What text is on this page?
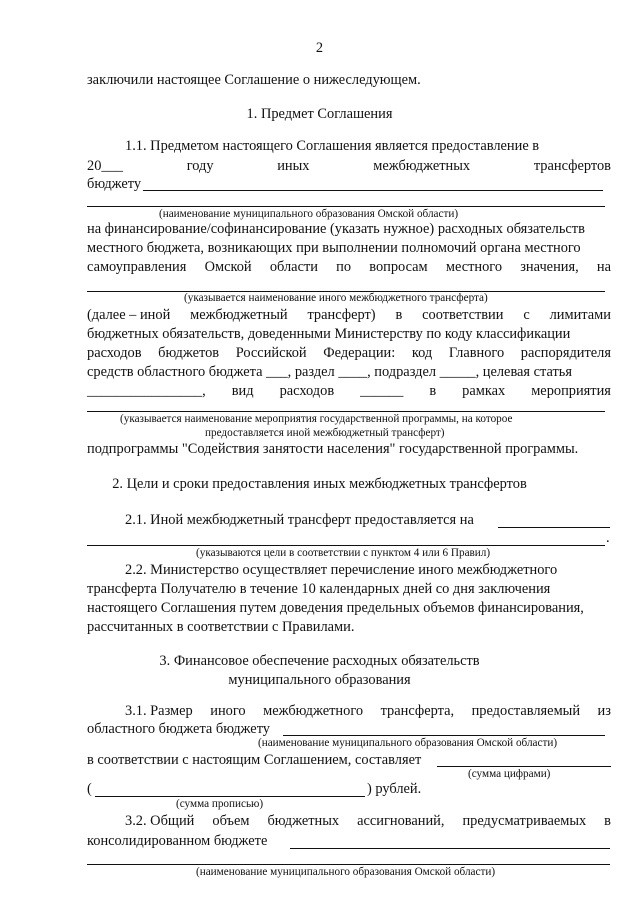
2
заключили настоящее Соглашение о нижеследующем.
1. Предмет Соглашения
1.1. Предметом настоящего Соглашения является предоставление в
20___	году	иных	межбюджетных	трансфертов
бюджету
(наименование муниципального образования Омской области)
на финансирование/софинансирование (указать нужное) расходных обязательств
местного бюджета, возникающих при выполнении полномочий органа местного
самоуправления Омской области по вопросам местного значения, на
(указывается наименование иного межбюджетного трансферта)
(далее – иной межбюджетный трансферт) в соответствии с лимитами
бюджетных обязательств, доведенными Министерству по коду классификации
расходов бюджетов Российской Федерации: код Главного распорядителя
средств областного бюджета ___, раздел ____, подраздел _____, целевая статья
________________, вид расходов ______ в рамках мероприятия
(указывается наименование мероприятия государственной программы, на которое
предоставляется иной межбюджетный трансферт)
подпрограммы "Содействия занятости населения" государственной программы.
2. Цели и сроки предоставления иных межбюджетных трансфертов
2.1. Иной межбюджетный трансферт предоставляется на
.
(указываются цели в соответствии с пунктом 4 или 6 Правил)
2.2. Министерство осуществляет перечисление иного межбюджетного
трансферта Получателю в течение 10 календарных дней со дня заключения
настоящего Соглашения путем доведения предельных объемов финансирования,
рассчитанных в соответствии с Правилами.
3. Финансовое обеспечение расходных обязательств
муниципального образования
3.1. Размер иного межбюджетного трансферта, предоставляемый из
областного бюджета бюджету
(наименование муниципального образования Омской области)
в соответствии с настоящим Соглашением, составляет
(сумма цифрами)
(	) рублей.
(сумма прописью)
3.2. Общий объем бюджетных ассигнований, предусматриваемых в
консолидированном бюджете
(наименование муниципального образования Омской области)
